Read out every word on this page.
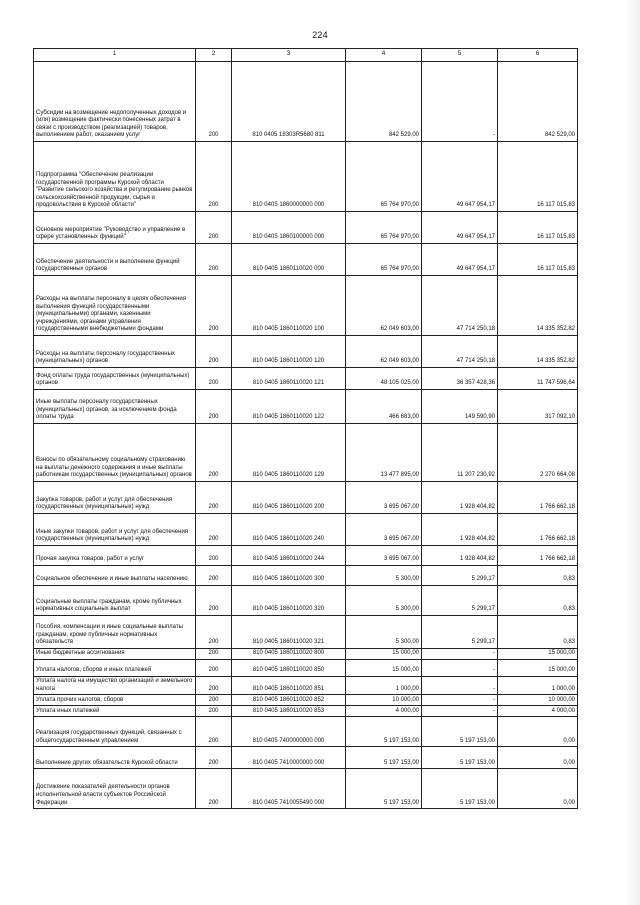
224
1	2	3	4	5	6
Субсидии на возмещение недополученных доходов и (или) возмещение фактически понесенных затрат в связи с производством (реализацией) товаров, выполнением работ, оказанием услуг	200	810 0405 18303R5680 811	842 529,00	-	842 529,00
Подпрограмма "Обеспечение реализации государственной программы Курской области "Развитие сельского хозяйства и регулирование рынков сельскохозяйственной продукции, сырья и продовольствия в Курской области"	200	810 0405 1860000000 000	65 764 970,00	49 647 954,17	16 117 015,83
Основное мероприятие "Руководство и управление в сфере установленных функций"	200	810 0405 1860100000 000	65 764 970,00	49 647 954,17	16 117 015,83
Обеспечение деятельности и выполнение функций государственных органов	200	810 0405 1860110020 000	65 764 970,00	49 647 954,17	16 117 015,83
Расходы на выплаты персоналу в целях обеспечения выполнения функций государственными (муниципальными) органами, казенными учреждениями, органами управления государственными внебюджетными фондами	200	810 0405 1860110020 100	62 049 603,00	47 714 250,18	14 335 352,82
Расходы на выплаты персоналу государственных (муниципальных) органов	200	810 0405 1860110020 120	62 049 603,00	47 714 250,18	14 335 352,82
Фонд оплаты труда государственных (муниципальных) органов	200	810 0405 1860110020 121	48 105 025,00	36 357 428,36	11 747 596,64
Иные выплаты персоналу государственных (муниципальных) органов, за исключением фонда оплаты труда	200	810 0405 1860110020 122	466 683,00	149 590,90	317 092,10
Взносы по обязательному социальному страхованию на выплаты денежного содержания и иные выплаты работникам государственных (муниципальных) органов	200	810 0405 1860110020 129	13 477 895,00	11 207 230,92	2 270 664,08
Закупка товаров, работ и услуг для обеспечения государственных (муниципальных) нужд	200	810 0405 1860110020 200	3 695 067,00	1 928 404,82	1 766 662,18
Иные закупки товаров, работ и услуг для обеспечения государственных (муниципальных) нужд	200	810 0405 1860110020 240	3 695 067,00	1 928 404,82	1 766 662,18
Прочая закупка товаров, работ и услуг	200	810 0405 1860110020 244	3 695 067,00	1 928 404,82	1 766 662,18
Социальное обеспечение и иные выплаты населению	200	810 0405 1860110020 300	5 300,00	5 299,17	0,83
Социальные выплаты гражданам, кроме публичных нормативных социальных выплат	200	810 0405 1860110020 320	5 300,00	5 299,17	0,83
Пособия, компенсации и иные социальные выплаты гражданам, кроме публичных нормативных обязательств	200	810 0405 1860110020 321	5 300,00	5 299,17	0,83
Иные бюджетные ассигнования	200	810 0405 1860110020 800	15 000,00	-	15 000,00
Уплата налогов, сборов и иных платежей	200	810 0405 1860110020 850	15 000,00	-	15 000,00
Уплата налога на имущество организаций и земельного налога	200	810 0405 1860110020 851	1 000,00	-	1 000,00
Уплата прочих налогов, сборов	200	810 0405 1860110020 852	10 000,00	-	10 000,00
Уплата иных платежей	200	810 0405 1860110020 853	4 000,00	-	4 000,00
Реализация государственных функций, связанных с общегосударственным управлением	200	810 0405 7400000000 000	5 197 153,00	5 197 153,00	0,00
Выполнение других обязательств Курской области	200	810 0405 7410000000 000	5 197 153,00	5 197 153,00	0,00
Достижение показателей деятельности органов исполнительной власти субъектов Российской Федерации	200	810 0405 7410055490 000	5 197 153,00	5 197 153,00	0,00
